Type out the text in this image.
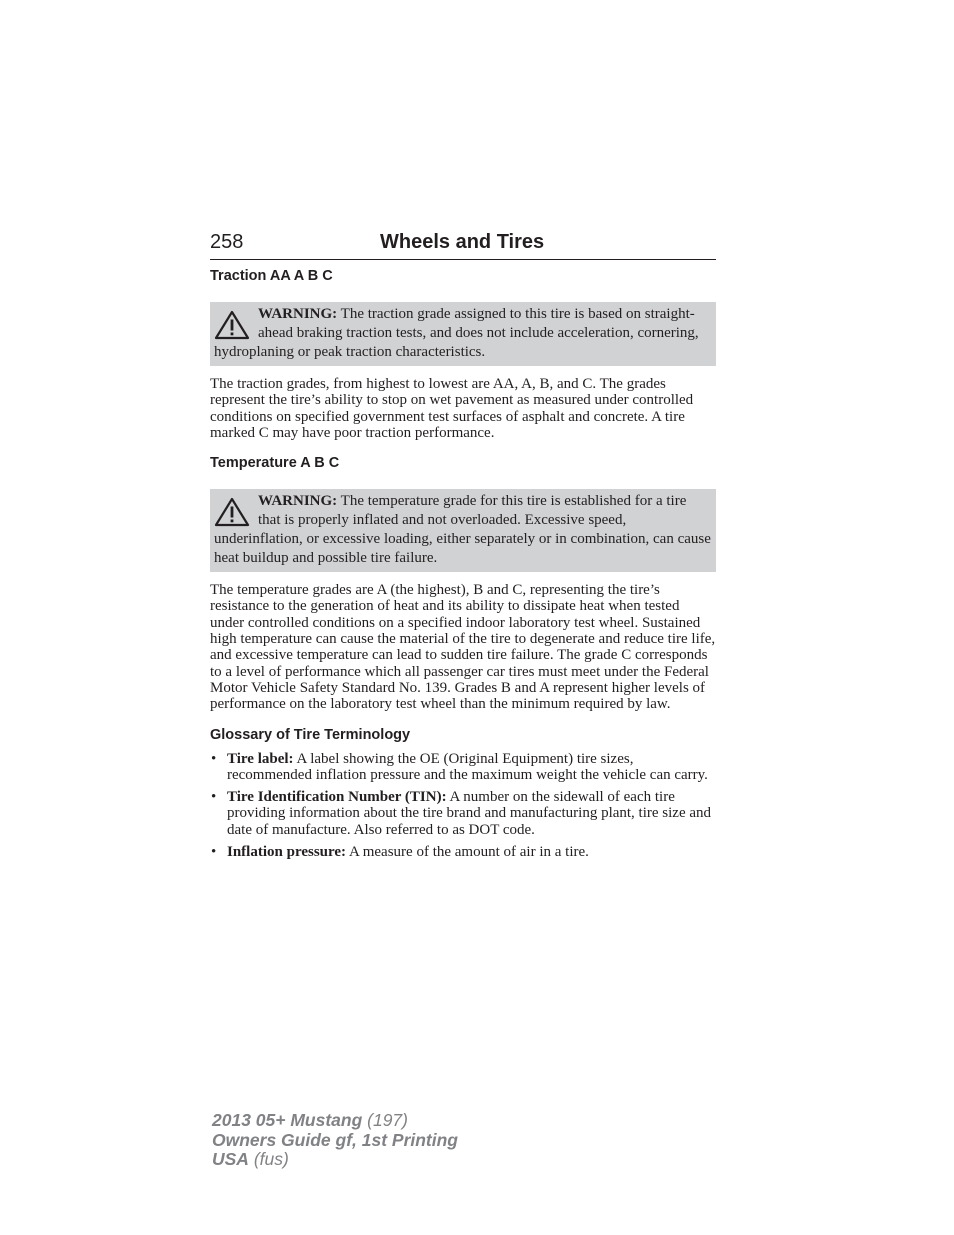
258	Wheels and Tires
Traction AA A B C
WARNING: The traction grade assigned to this tire is based on straight-ahead braking traction tests, and does not include acceleration, cornering, hydroplaning or peak traction characteristics.

The traction grades, from highest to lowest are AA, A, B, and C. The grades represent the tire’s ability to stop on wet pavement as measured under controlled conditions on specified government test surfaces of asphalt and concrete. A tire marked C may have poor traction performance.

Temperature A B C
WARNING: The temperature grade for this tire is established for a tire that is properly inflated and not overloaded. Excessive speed, underinflation, or excessive loading, either separately or in combination, can cause heat buildup and possible tire failure.

The temperature grades are A (the highest), B and C, representing the tire’s resistance to the generation of heat and its ability to dissipate heat when tested under controlled conditions on a specified indoor laboratory test wheel. Sustained high temperature can cause the material of the tire to degenerate and reduce tire life, and excessive temperature can lead to sudden tire failure. The grade C corresponds to a level of performance which all passenger car tires must meet under the Federal Motor Vehicle Safety Standard No. 139. Grades B and A represent higher levels of performance on the laboratory test wheel than the minimum required by law.

Glossary of Tire Terminology
• Tire label: A label showing the OE (Original Equipment) tire sizes, recommended inflation pressure and the maximum weight the vehicle can carry.
• Tire Identification Number (TIN): A number on the sidewall of each tire providing information about the tire brand and manufacturing plant, tire size and date of manufacture. Also referred to as DOT code.
• Inflation pressure: A measure of the amount of air in a tire.
2013 05+ Mustang (197)
Owners Guide gf, 1st Printing
USA (fus)
